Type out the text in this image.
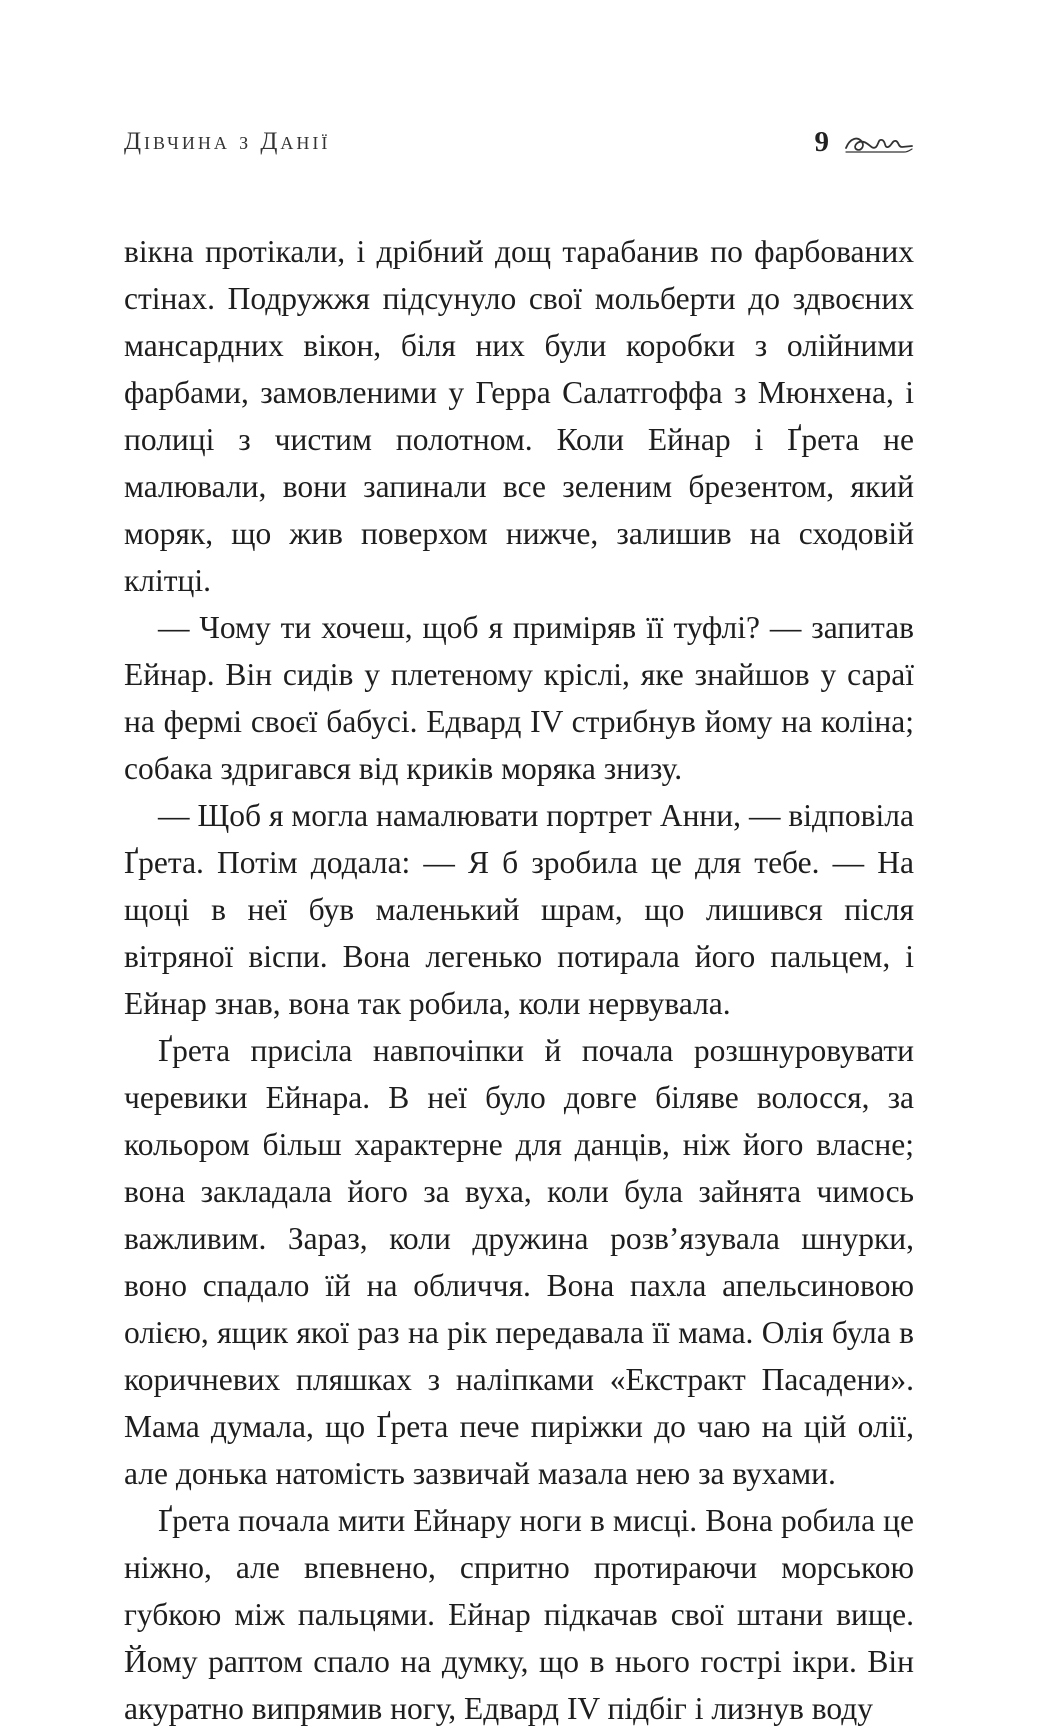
Дівчина з Данії	9

вікна протікали, і дрібний дощ тарабанив по фарбованих стінах. Подружжя підсунуло свої мольберти до здвоєних мансардних вікон, біля них були коробки з олійними фарбами, замовленими у Герра Салатгоффа з Мюнхена, і полиці з чистим полотном. Коли Ейнар і Ґрета не малювали, вони запинали все зеленим брезентом, який моряк, що жив поверхом нижче, залишив на сходовій клітці.

— Чому ти хочеш, щоб я приміряв її туфлі? — запитав Ейнар. Він сидів у плетеному кріслі, яке знайшов у сараї на фермі своєї бабусі. Едвард IV стрибнув йому на коліна; собака здригався від криків моряка знизу.

— Щоб я могла намалювати портрет Анни, — відповіла Ґрета. Потім додала: — Я б зробила це для тебе. — На щоці в неї був маленький шрам, що лишився після вітряної віспи. Вона легенько потирала його пальцем, і Ейнар знав, вона так робила, коли нервувала.

Ґрета присіла навпочіпки й почала розшнуровувати черевики Ейнара. В неї було довге біляве волосся, за кольором більш характерне для данців, ніж його власне; вона закладала його за вуха, коли була зайнята чимось важливим. Зараз, коли дружина розв’язувала шнурки, воно спадало їй на обличчя. Вона пахла апельсиновою олією, ящик якої раз на рік передавала її мама. Олія була в коричневих пляшках з наліпками «Екстракт Пасадени». Мама думала, що Ґрета пече пиріжки до чаю на цій олії, але донька натомість зазвичай мазала нею за вухами.

Ґрета почала мити Ейнару ноги в мисці. Вона робила це ніжно, але впевнено, спритно протираючи морською губкою між пальцями. Ейнар підкачав свої штани вище. Йому раптом спало на думку, що в нього гострі ікри. Він акуратно випрямив ногу, Едвард IV підбіг і лизнув воду
